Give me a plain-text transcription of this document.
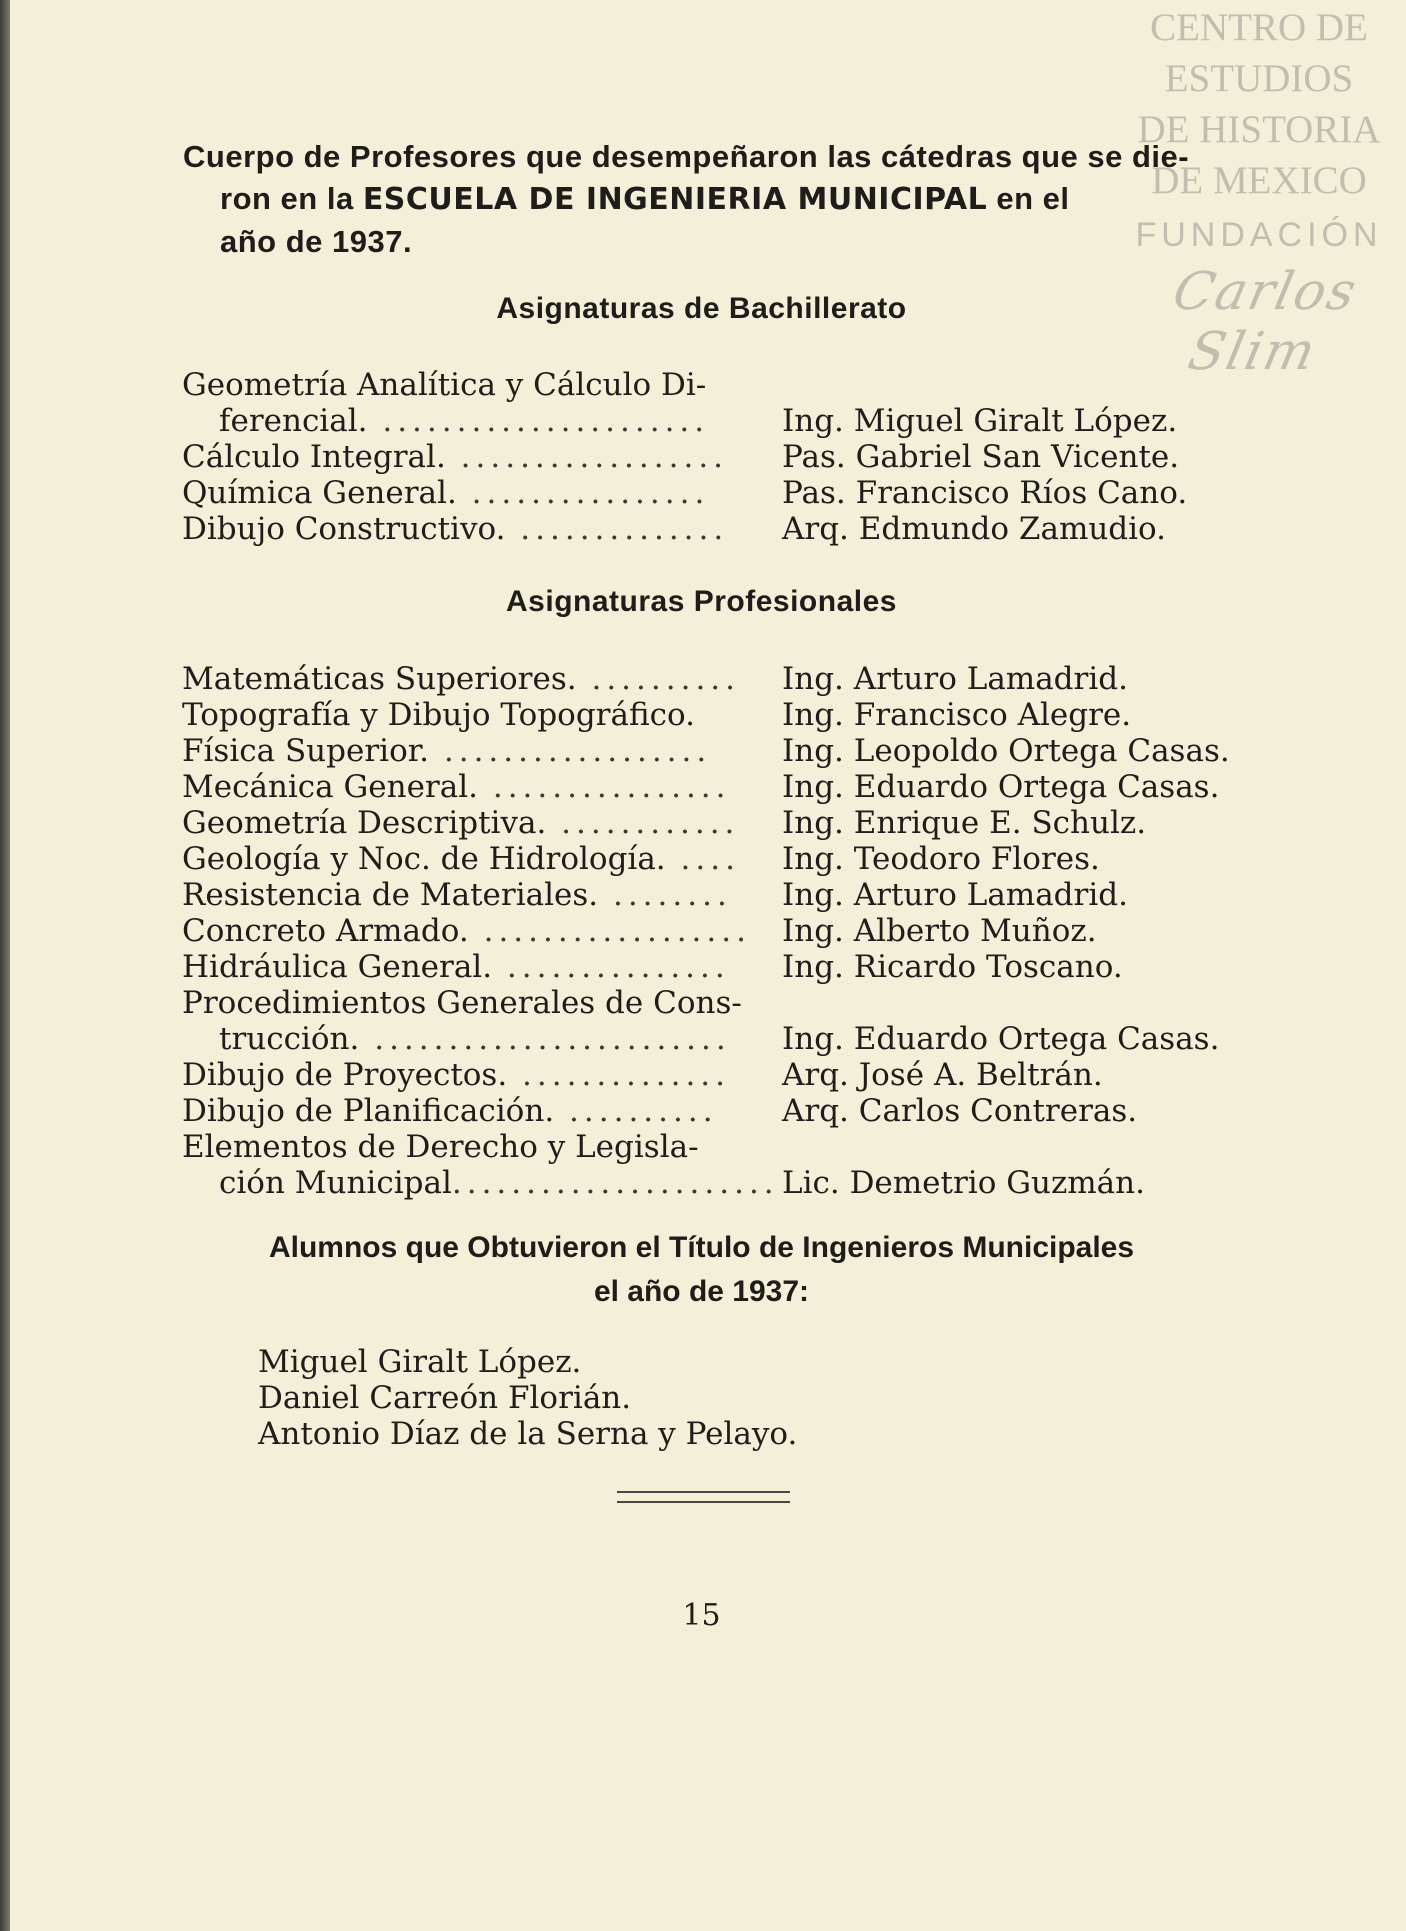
CENTRO DE
ESTUDIOS
DE HISTORIA
DE MEXICO
FUNDACIÓN
Carlos Slim
Cuerpo de Profesores que desempeñaron las cátedras que se die-
ron en la ESCUELA DE INGENIERIA MUNICIPAL en el
año de 1937.
Asignaturas de Bachillerato
Geometría Analítica y Cálculo Di-
ferencial. ......................	Ing. Miguel Giralt López.
Cálculo Integral. ..................	Pas. Gabriel San Vicente.
Química General. ................	Pas. Francisco Ríos Cano.
Dibujo Constructivo. ..............	Arq. Edmundo Zamudio.
Asignaturas Profesionales
Matemáticas Superiores. .......... Ing. Arturo Lamadrid.
Topografía y Dibujo Topográfico.	Ing. Francisco Alegre.
Física Superior. ..................	Ing. Leopoldo Ortega Casas.
Mecánica General. ................	Ing. Eduardo Ortega Casas.
Geometría Descriptiva. ............ Ing. Enrique E. Schulz.
Geología y Noc. de Hidrología. .... Ing. Teodoro Flores.
Resistencia de Materiales. ........	Ing. Arturo Lamadrid.
Concreto Armado. .................. Ing. Alberto Muñoz.
Hidráulica General. ...............	Ing. Ricardo Toscano.
Procedimientos Generales de Cons-
trucción. ........................	Ing. Eduardo Ortega Casas.
Dibujo de Proyectos. ..............	Arq. José A. Beltrán.
Dibujo de Planificación. ..........	Arq. Carlos Contreras.
Elementos de Derecho y Legisla-
ción Municipal...................... Lic. Demetrio Guzmán.
Alumnos que Obtuvieron el Título de Ingenieros Municipales
el año de 1937:
Miguel Giralt López.
Daniel Carreón Florián.
Antonio Díaz de la Serna y Pelayo.
15
